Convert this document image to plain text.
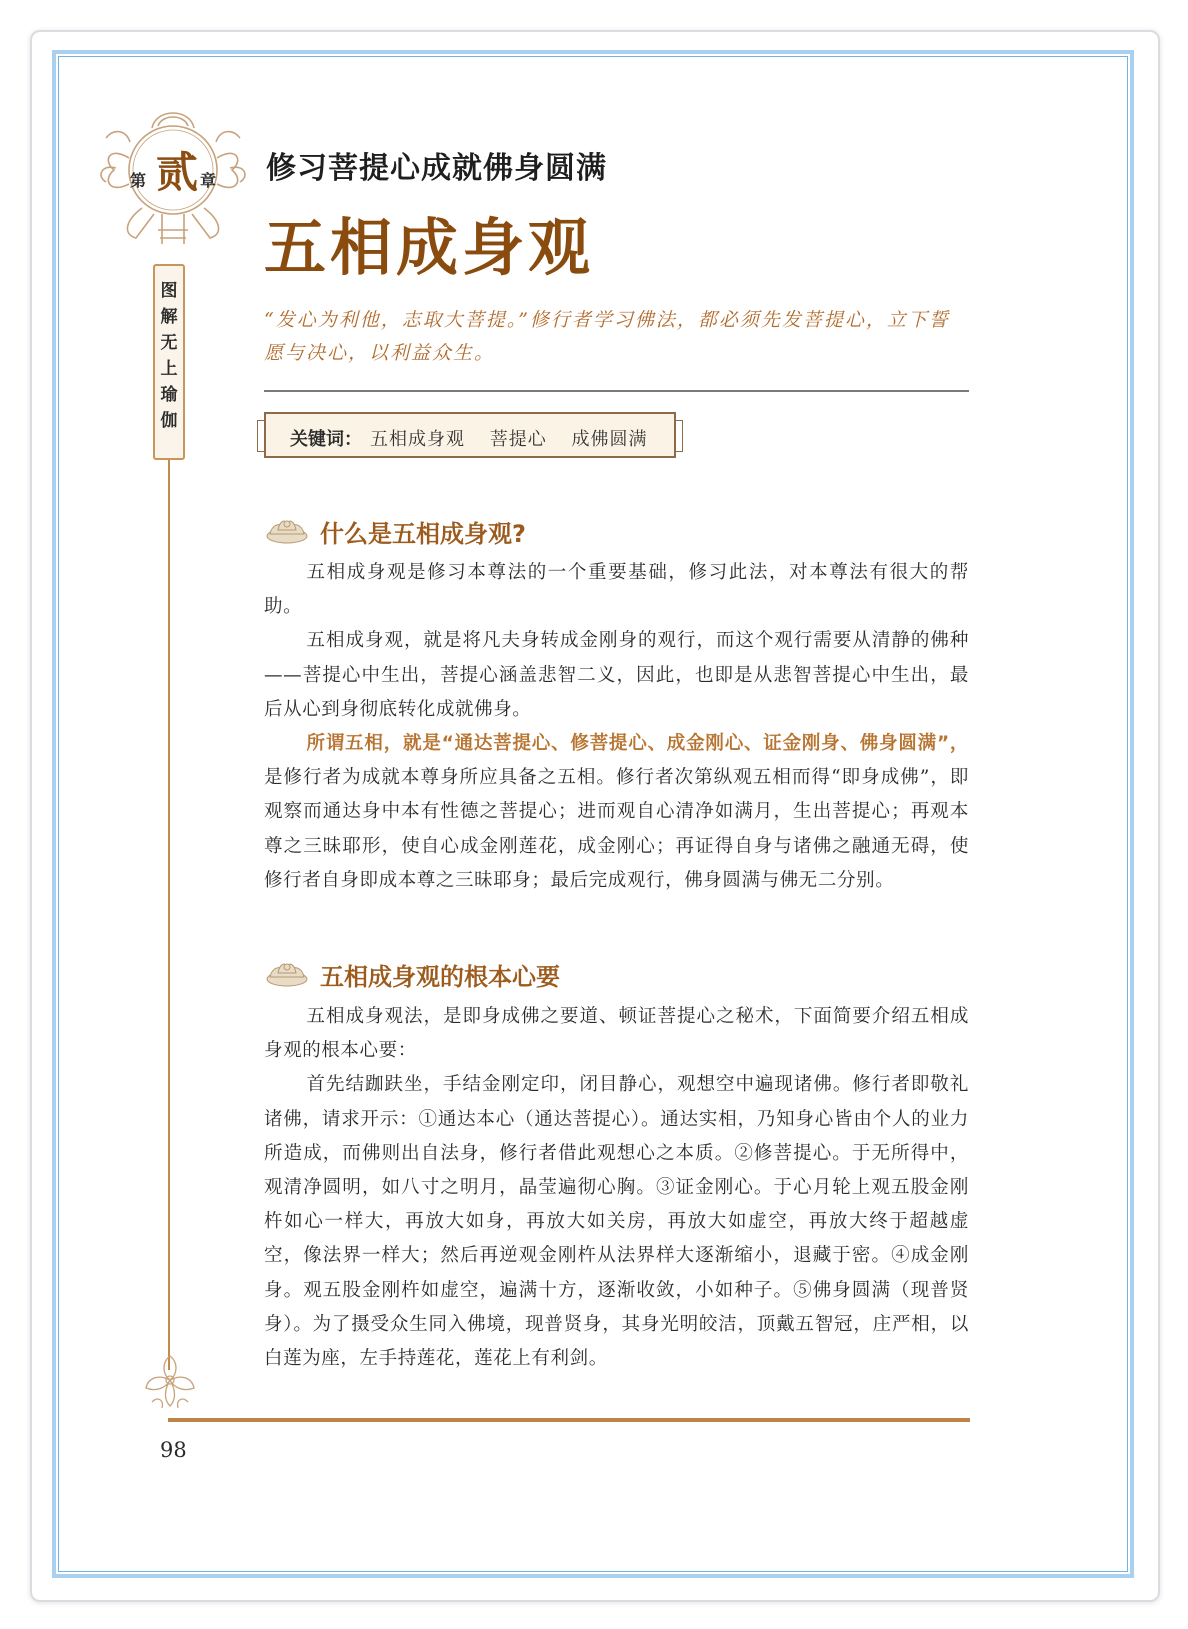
第 贰 章
图
解
无
上
瑜
伽
修习菩提心成就佛身圆满
五相成身观
“发心为利他，志取大菩提。”修行者学习佛法，都必须先发菩提心，立下誓愿与决心，以利益众生。
关键词： 五相成身观 菩提心 成佛圆满
什么是五相成身观?

五相成身观是修习本尊法的一个重要基础，修习此法，对本尊法有很大的帮助。

五相成身观，就是将凡夫身转成金刚身的观行，而这个观行需要从清静的佛种——菩提心中生出，菩提心涵盖悲智二义，因此，也即是从悲智菩提心中生出，最后从心到身彻底转化成就佛身。

所谓五相，就是“通达菩提心、修菩提心、成金刚心、证金刚身、佛身圆满”，是修行者为成就本尊身所应具备之五相。修行者次第纵观五相而得“即身成佛”，即观察而通达身中本有性德之菩提心；进而观自心清净如满月，生出菩提心；再观本尊之三昧耶形，使自心成金刚莲花，成金刚心；再证得自身与诸佛之融通无碍，使修行者自身即成本尊之三昧耶身；最后完成观行，佛身圆满与佛无二分别。

五相成身观的根本心要

五相成身观法，是即身成佛之要道、顿证菩提心之秘术，下面简要介绍五相成身观的根本心要：

首先结跏趺坐，手结金刚定印，闭目静心，观想空中遍现诸佛。修行者即敬礼诸佛，请求开示：①通达本心（通达菩提心）。通达实相，乃知身心皆由个人的业力所造成，而佛则出自法身，修行者借此观想心之本质。②修菩提心。于无所得中，观清净圆明，如八寸之明月，晶莹遍彻心胸。③证金刚心。于心月轮上观五股金刚杵如心一样大，再放大如身，再放大如关房，再放大如虚空，再放大终于超越虚空，像法界一样大；然后再逆观金刚杵从法界样大逐渐缩小，退藏于密。④成金刚身。观五股金刚杵如虚空，遍满十方，逐渐收敛，小如种子。⑤佛身圆满（现普贤身）。为了摄受众生同入佛境，现普贤身，其身光明皎洁，顶戴五智冠，庄严相，以白莲为座，左手持莲花，莲花上有利剑。

98
